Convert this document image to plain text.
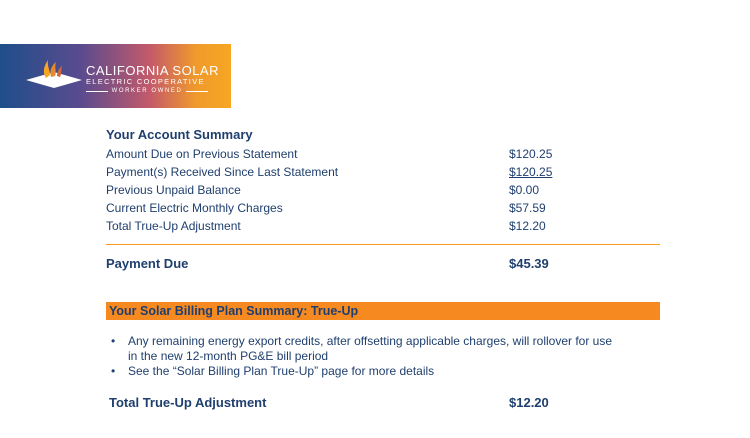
CALIFORNIA SOLAR
ELECTRIC COOPERATIVE
WORKER OWNED
Your Account Summary
Amount Due on Previous Statement	$120.25
Payment(s) Received Since Last Statement	$120.25
Previous Unpaid Balance	$0.00
Current Electric Monthly Charges	$57.59
Total True-Up Adjustment	$12.20
Payment Due	$45.39
Your Solar Billing Plan Summary: True-Up
• Any remaining energy export credits, after offsetting applicable charges, will rollover for use in the new 12-month PG&E bill period
• See the “Solar Billing Plan True-Up” page for more details
Total True-Up Adjustment	$12.20
